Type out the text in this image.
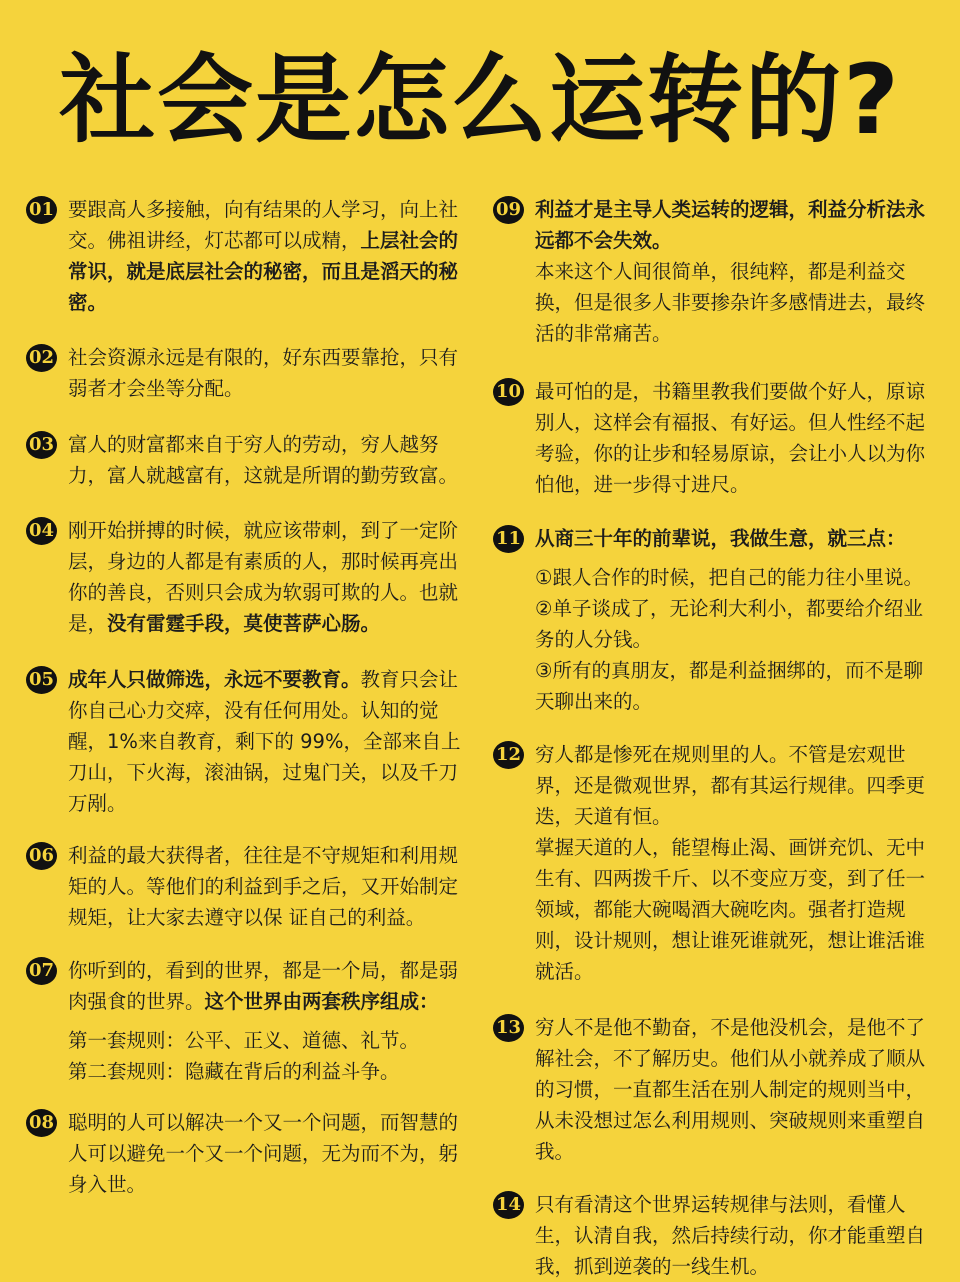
社会是怎么运转的?
01 要跟高人多接触，向有结果的人学习，向上社交。佛祖讲经，灯芯都可以成精，上层社会的常识，就是底层社会的秘密，而且是滔天的秘密。

02 社会资源永远是有限的，好东西要靠抢，只有弱者才会坐等分配。

03 富人的财富都来自于穷人的劳动，穷人越努力，富人就越富有，这就是所谓的勤劳致富。

04 刚开始拼搏的时候，就应该带刺，到了一定阶层，身边的人都是有素质的人，那时候再亮出你的善良，否则只会成为软弱可欺的人。也就是，没有雷霆手段，莫使菩萨心肠。

05 成年人只做筛选，永远不要教育。教育只会让你自己心力交瘁，没有任何用处。认知的觉醒，1%来自教育，剩下的 99%，全部来自上刀山，下火海，滚油锅，过鬼门关，以及千刀万剐。

06 利益的最大获得者，往往是不守规矩和利用规矩的人。等他们的利益到手之后，又开始制定规矩，让大家去遵守以保 证自己的利益。

07 你听到的，看到的世界，都是一个局，都是弱肉强食的世界。这个世界由两套秩序组成：

第一套规则：公平、正义、道德、礼节。

第二套规则：隐藏在背后的利益斗争。

08 聪明的人可以解决一个又一个问题，而智慧的人可以避免一个又一个问题，无为而不为，躬身入世。

09 利益才是主导人类运转的逻辑，利益分析法永远都不会失效。

本来这个人间很简单，很纯粹，都是利益交换，但是很多人非要掺杂许多感情进去，最终活的非常痛苦。

10 最可怕的是，书籍里教我们要做个好人，原谅别人，这样会有福报、有好运。但人性经不起考验，你的让步和轻易原谅，会让小人以为你怕他，进一步得寸进尺。

11 从商三十年的前辈说，我做生意，就三点：

①跟人合作的时候，把自己的能力往小里说。

②单子谈成了，无论利大利小，都要给介绍业务的人分钱。

③所有的真朋友，都是利益捆绑的，而不是聊天聊出来的。

12 穷人都是惨死在规则里的人。不管是宏观世界，还是微观世界，都有其运行规律。四季更迭，天道有恒。

掌握天道的人，能望梅止渴、画饼充饥、无中生有、四两拨千斤、以不变应万变，到了任一领域，都能大碗喝酒大碗吃肉。强者打造规则，设计规则，想让谁死谁就死，想让谁活谁就活。

13 穷人不是他不勤奋，不是他没机会，是他不了解社会，不了解历史。他们从小就养成了顺从的习惯，一直都生活在别人制定的规则当中，从未没想过怎么利用规则、突破规则来重塑自我。

14 只有看清这个世界运转规律与法则，看懂人生，认清自我，然后持续行动，你才能重塑自我，抓到逆袭的一线生机。
